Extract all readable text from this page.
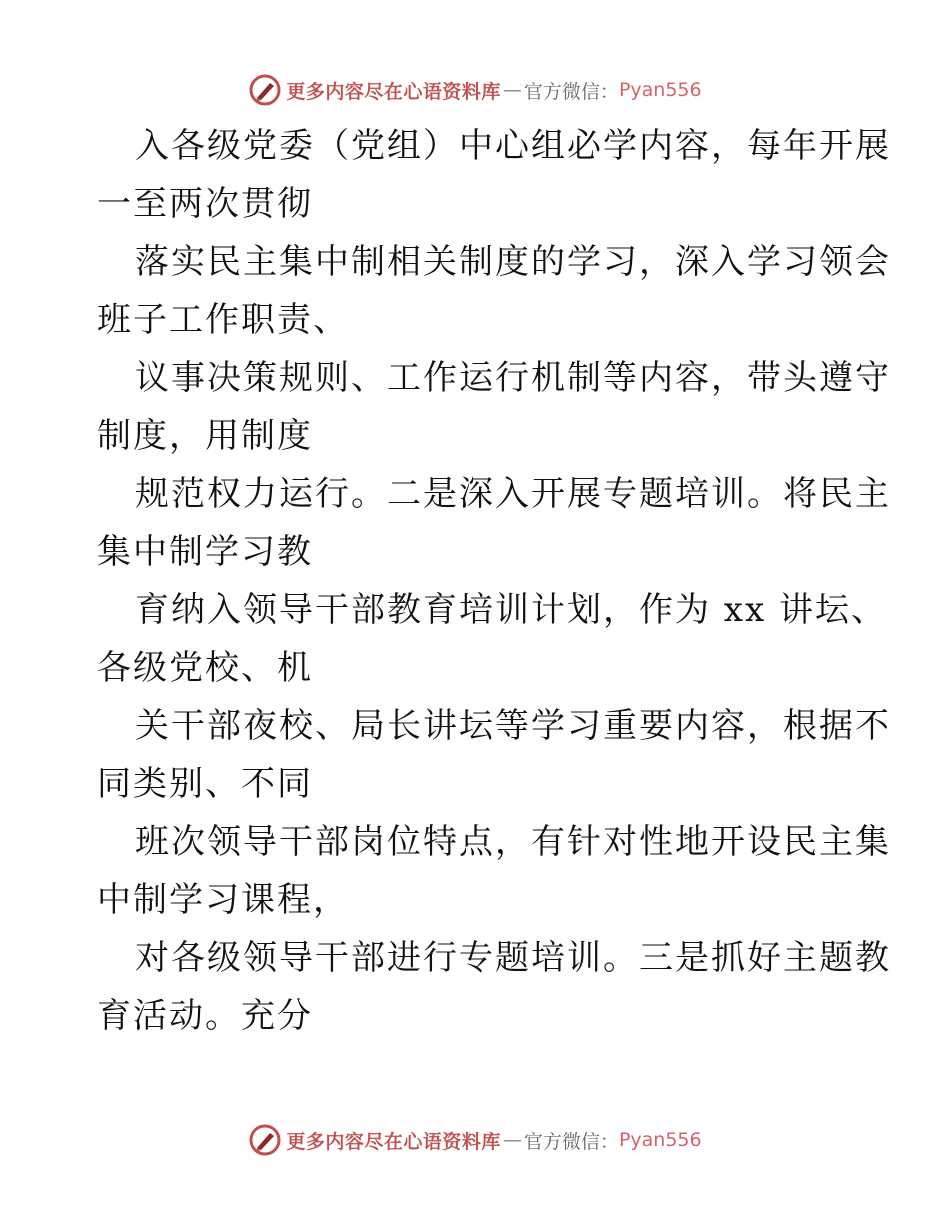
更多内容尽在心语资料库 — 官方微信： Pyan556
入各级党委（党组）中心组必学内容，每年开展
一至两次贯彻
落实民主集中制相关制度的学习，深入学习领会
班子工作职责、
议事决策规则、工作运行机制等内容，带头遵守
制度，用制度
规范权力运行。二是深入开展专题培训。将民主
集中制学习教
育纳入领导干部教育培训计划，作为 xx 讲坛、
各级党校、机
关干部夜校、局长讲坛等学习重要内容，根据不
同类别、不同
班次领导干部岗位特点，有针对性地开设民主集
中制学习课程，
对各级领导干部进行专题培训。三是抓好主题教
育活动。充分
更多内容尽在心语资料库 — 官方微信： Pyan556
